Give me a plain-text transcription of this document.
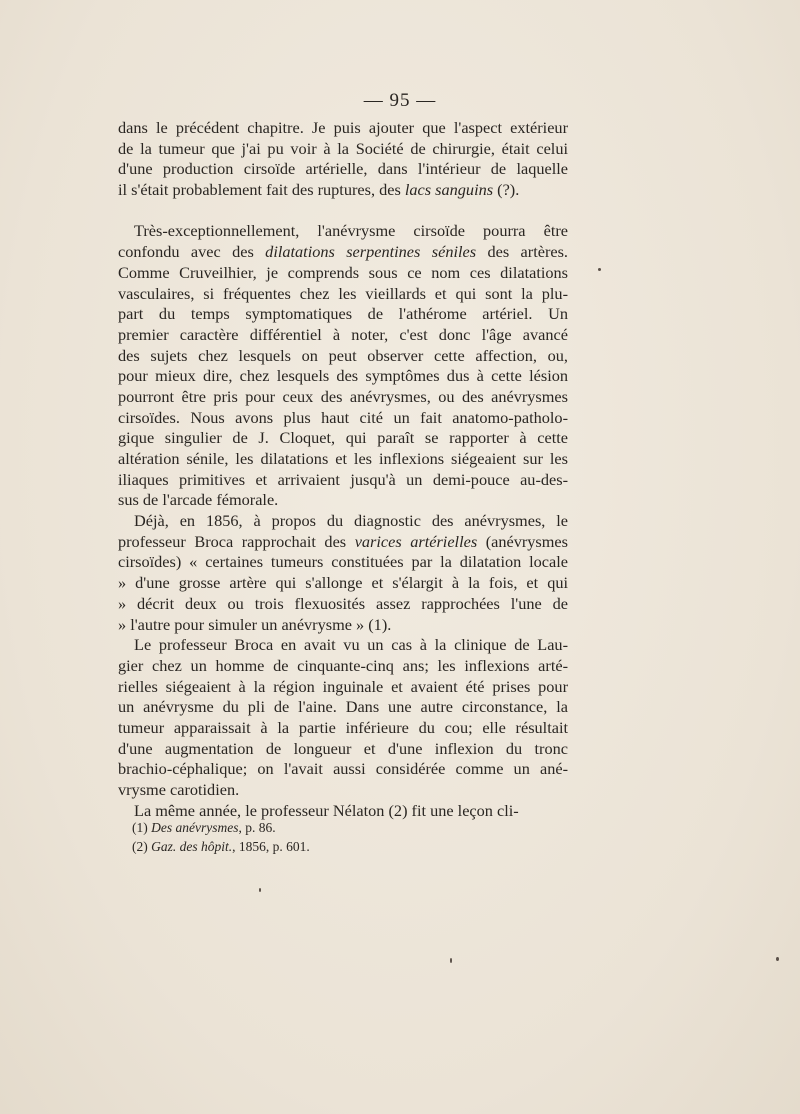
— 95 —
dans le précédent chapitre. Je puis ajouter que l'aspect extérieur
de la tumeur que j'ai pu voir à la Société de chirurgie, était celui
d'une production cirsoïde artérielle, dans l'intérieur de laquelle
il s'était probablement fait des ruptures, des lacs sanguins (?).
Très-exceptionnellement, l'anévrysme cirsoïde pourra être
confondu avec des dilatations serpentines séniles des artères.
Comme Cruveilhier, je comprends sous ce nom ces dilatations
vasculaires, si fréquentes chez les vieillards et qui sont la plu-
part du temps symptomatiques de l'athérome artériel. Un
premier caractère différentiel à noter, c'est donc l'âge avancé
des sujets chez lesquels on peut observer cette affection, ou,
pour mieux dire, chez lesquels des symptômes dus à cette lésion
pourront être pris pour ceux des anévrysmes, ou des anévrysmes
cirsoïdes. Nous avons plus haut cité un fait anatomo-patholo-
gique singulier de J. Cloquet, qui paraît se rapporter à cette
altération sénile, les dilatations et les inflexions siégeaient sur les
iliaques primitives et arrivaient jusqu'à un demi-pouce au-des-
sus de l'arcade fémorale.
Déjà, en 1856, à propos du diagnostic des anévrysmes, le
professeur Broca rapprochait des varices artérielles (anévrysmes
cirsoïdes) « certaines tumeurs constituées par la dilatation locale
» d'une grosse artère qui s'allonge et s'élargit à la fois, et qui
» décrit deux ou trois flexuosités assez rapprochées l'une de
» l'autre pour simuler un anévrysme » (1).
Le professeur Broca en avait vu un cas à la clinique de Lau-
gier chez un homme de cinquante-cinq ans; les inflexions arté-
rielles siégeaient à la région inguinale et avaient été prises pour
un anévrysme du pli de l'aine. Dans une autre circonstance, la
tumeur apparaissait à la partie inférieure du cou; elle résultait
d'une augmentation de longueur et d'une inflexion du tronc
brachio-céphalique; on l'avait aussi considérée comme un ané-
vrysme carotidien.
La même année, le professeur Nélaton (2) fit une leçon cli-
(1) Des anévrysmes, p. 86.
(2) Gaz. des hôpit., 1856, p. 601.
